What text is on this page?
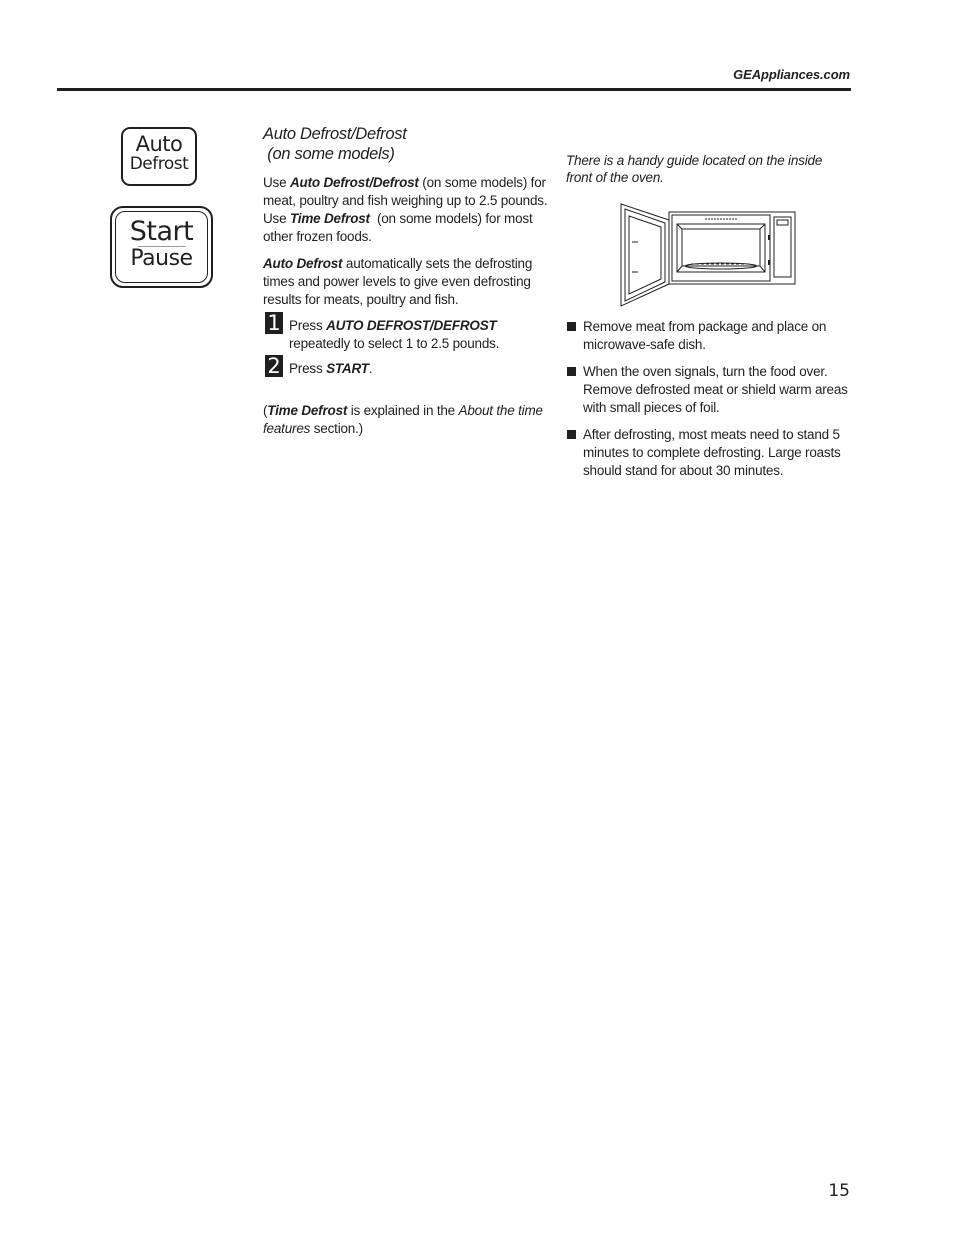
GEAppliances.com
Auto
Defrost
Start
Pause
Auto Defrost/Defrost
(on some models)

Use Auto Defrost/Defrost (on some models) for meat, poultry and fish weighing up to 2.5 pounds. Use Time Defrost  (on some models) for most other frozen foods.

Auto Defrost automatically sets the defrosting times and power levels to give even defrosting results for meats, poultry and fish.

1 Press AUTO DEFROST/DEFROST repeatedly to select 1 to 2.5 pounds.
2 Press START.

(Time Defrost is explained in the About the time features section.)

There is a handy guide located on the inside front of the oven.
Remove meat from package and place on microwave-safe dish.
When the oven signals, turn the food over. Remove defrosted meat or shield warm areas with small pieces of foil.
After defrosting, most meats need to stand 5 minutes to complete defrosting. Large roasts should stand for about 30 minutes.
15
